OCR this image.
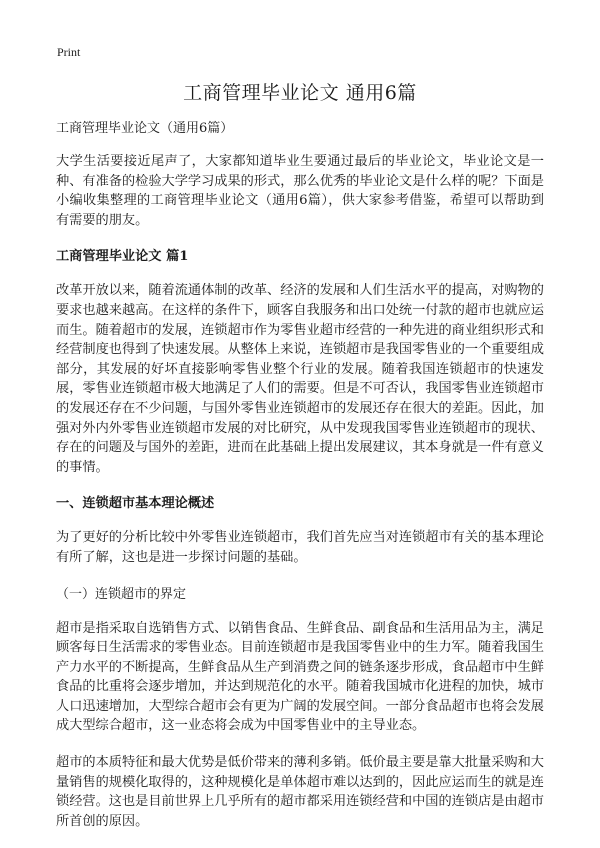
Print
工商管理毕业论文 通用6篇
工商管理毕业论文（通用6篇）

大学生活要接近尾声了，大家都知道毕业生要通过最后的毕业论文，毕业论文是一种、有准备的检验大学学习成果的形式，那么优秀的毕业论文是什么样的呢？下面是小编收集整理的工商管理毕业论文（通用6篇），供大家参考借鉴，希望可以帮助到有需要的朋友。

工商管理毕业论文 篇1

改革开放以来，随着流通体制的改革、经济的发展和人们生活水平的提高，对购物的要求也越来越高。在这样的条件下，顾客自我服务和出口处统一付款的超市也就应运而生。随着超市的发展，连锁超市作为零售业超市经营的一种先进的商业组织形式和经营制度也得到了快速发展。从整体上来说，连锁超市是我国零售业的一个重要组成部分，其发展的好坏直接影响零售业整个行业的发展。随着我国连锁超市的快速发展，零售业连锁超市极大地满足了人们的需要。但是不可否认，我国零售业连锁超市的发展还存在不少问题，与国外零售业连锁超市的发展还存在很大的差距。因此，加强对外内外零售业连锁超市发展的对比研究，从中发现我国零售业连锁超市的现状、存在的问题及与国外的差距，进而在此基础上提出发展建议，其本身就是一件有意义的事情。

一、连锁超市基本理论概述

为了更好的分析比较中外零售业连锁超市，我们首先应当对连锁超市有关的基本理论有所了解，这也是进一步探讨问题的基础。

（一）连锁超市的界定

超市是指采取自选销售方式、以销售食品、生鲜食品、副食品和生活用品为主，满足顾客每日生活需求的零售业态。目前连锁超市是我国零售业中的生力军。随着我国生产力水平的不断提高，生鲜食品从生产到消费之间的链条逐步形成，食品超市中生鲜食品的比重将会逐步增加，并达到规范化的水平。随着我国城市化进程的加快，城市人口迅速增加，大型综合超市会有更为广阔的发展空间。一部分食品超市也将会发展成大型综合超市，这一业态将会成为中国零售业中的主导业态。

超市的本质特征和最大优势是低价带来的薄利多销。低价最主要是靠大批量采购和大量销售的规模化取得的，这种规模化是单体超市难以达到的，因此应运而生的就是连锁经营。这也是目前世界上几乎所有的超市都采用连锁经营和中国的连锁店是由超市所首创的原因。
